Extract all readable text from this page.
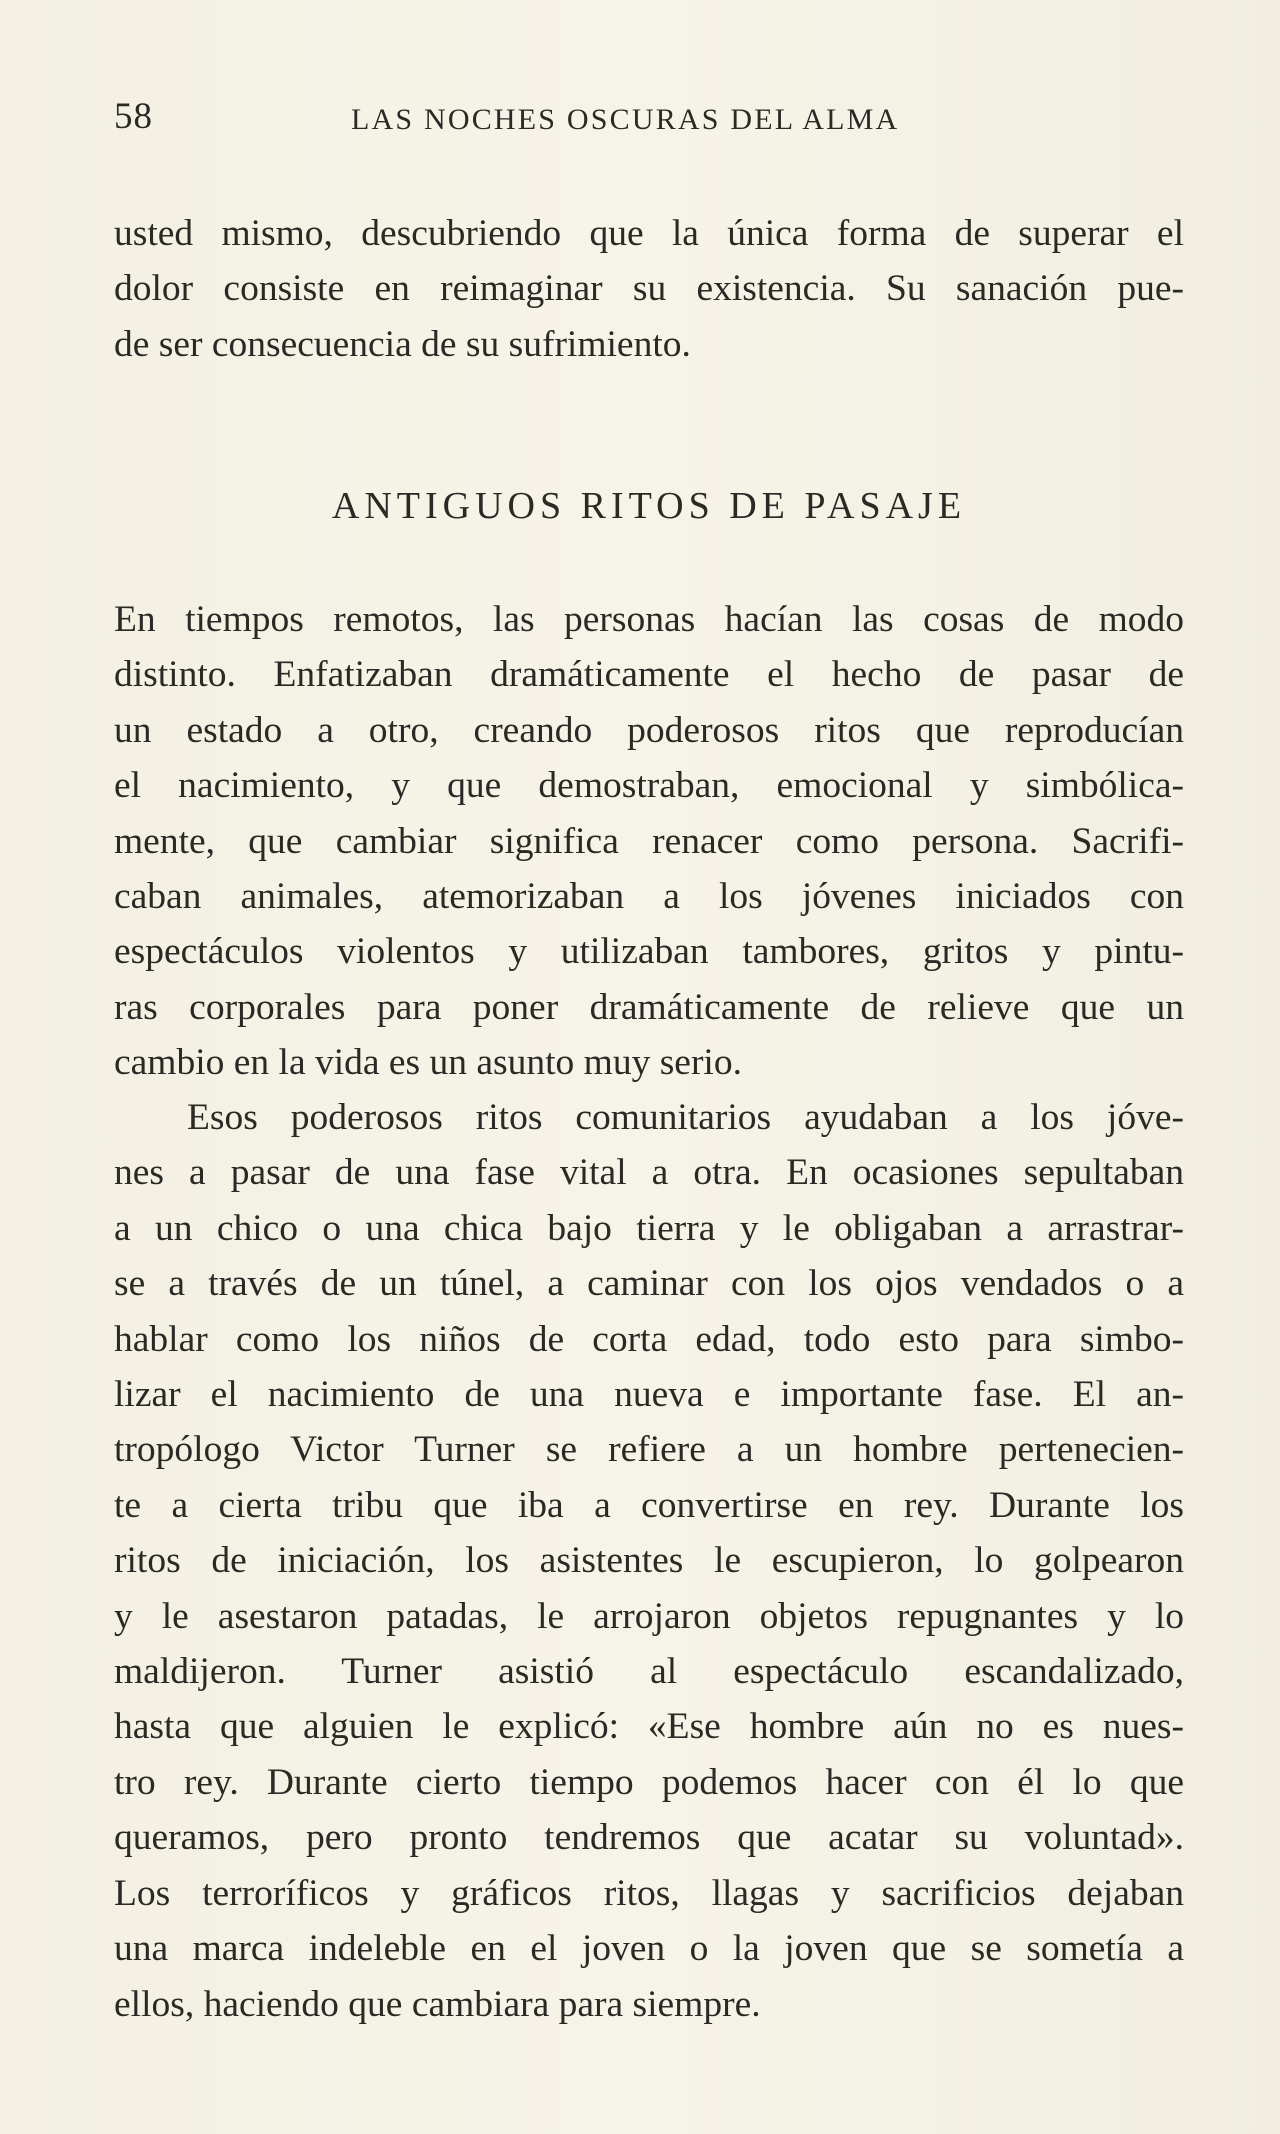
58	LAS NOCHES OSCURAS DEL ALMA
usted mismo, descubriendo que la única forma de superar el
dolor consiste en reimaginar su existencia. Su sanación pue-
de ser consecuencia de su sufrimiento.
ANTIGUOS RITOS DE PASAJE
En tiempos remotos, las personas hacían las cosas de modo
distinto. Enfatizaban dramáticamente el hecho de pasar de
un estado a otro, creando poderosos ritos que reproducían
el nacimiento, y que demostraban, emocional y simbólica-
mente, que cambiar significa renacer como persona. Sacrifi-
caban animales, atemorizaban a los jóvenes iniciados con
espectáculos violentos y utilizaban tambores, gritos y pintu-
ras corporales para poner dramáticamente de relieve que un
cambio en la vida es un asunto muy serio.
Esos poderosos ritos comunitarios ayudaban a los jóve-
nes a pasar de una fase vital a otra. En ocasiones sepultaban
a un chico o una chica bajo tierra y le obligaban a arrastrar-
se a través de un túnel, a caminar con los ojos vendados o a
hablar como los niños de corta edad, todo esto para simbo-
lizar el nacimiento de una nueva e importante fase. El an-
tropólogo Victor Turner se refiere a un hombre pertenecien-
te a cierta tribu que iba a convertirse en rey. Durante los
ritos de iniciación, los asistentes le escupieron, lo golpearon
y le asestaron patadas, le arrojaron objetos repugnantes y lo
maldijeron. Turner asistió al espectáculo escandalizado,
hasta que alguien le explicó: «Ese hombre aún no es nues-
tro rey. Durante cierto tiempo podemos hacer con él lo que
queramos, pero pronto tendremos que acatar su voluntad».
Los terroríficos y gráficos ritos, llagas y sacrificios dejaban
una marca indeleble en el joven o la joven que se sometía a
ellos, haciendo que cambiara para siempre.
